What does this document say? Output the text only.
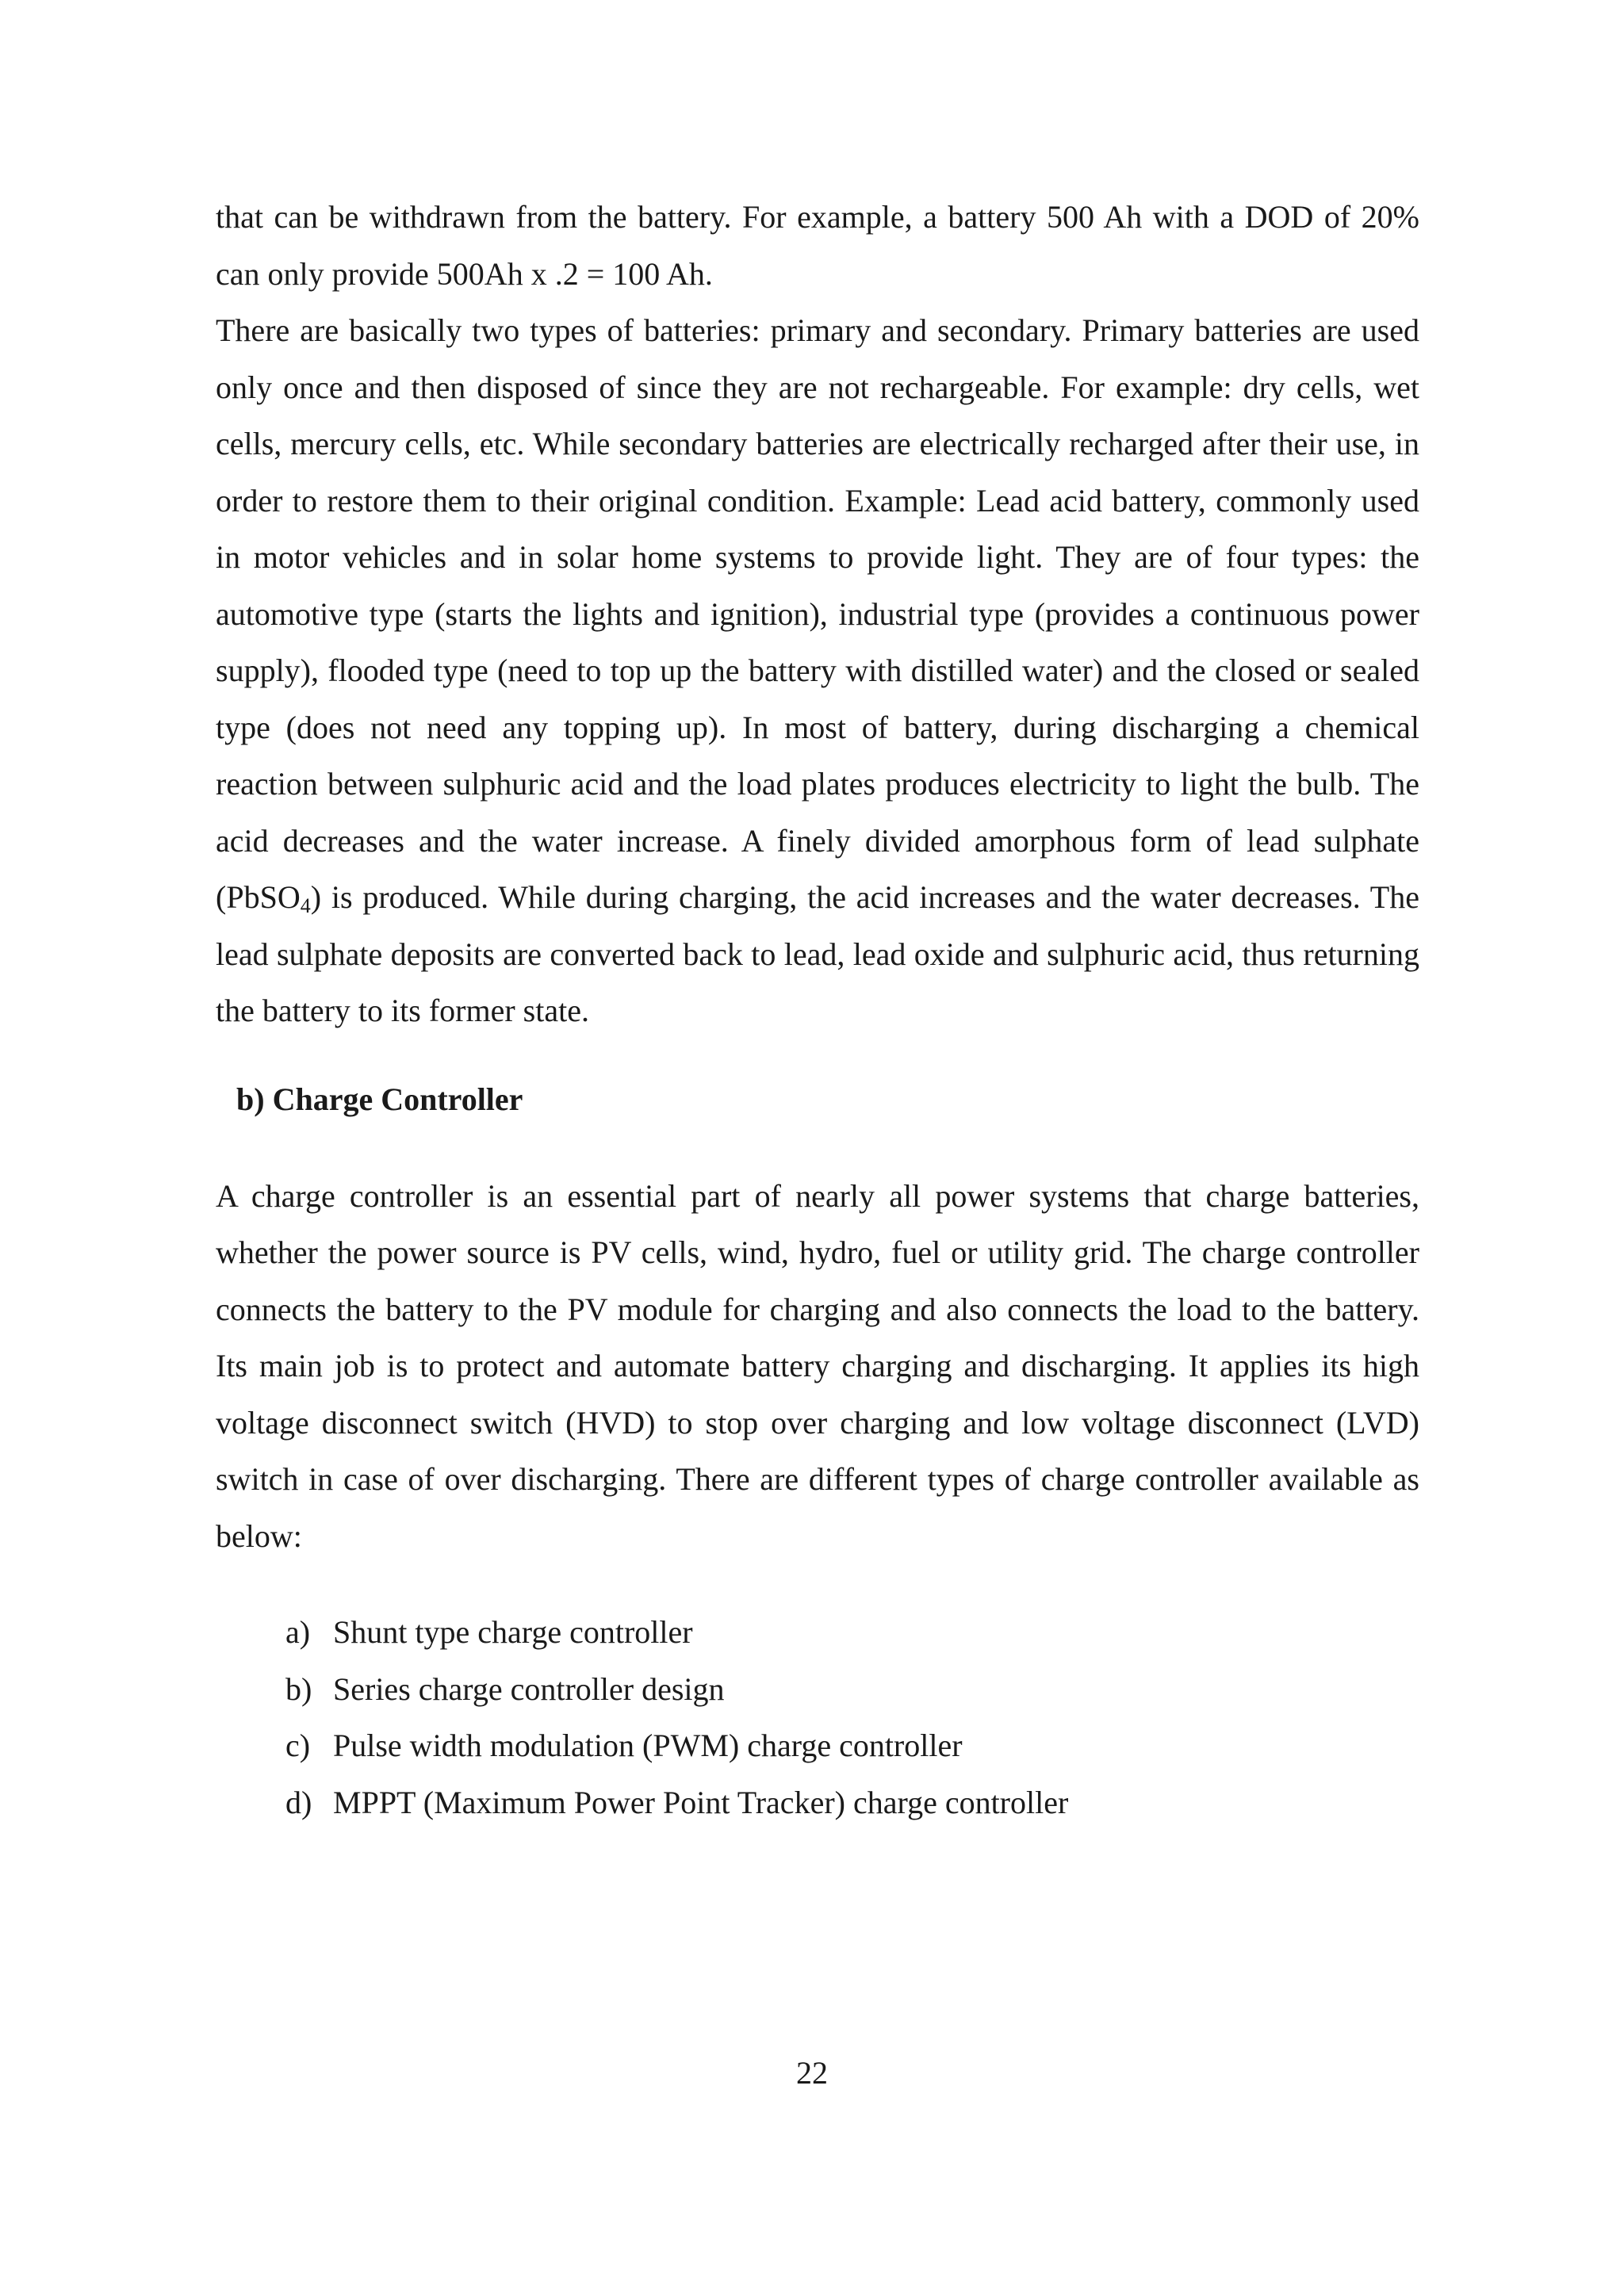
that can be withdrawn from the battery. For example, a battery 500 Ah with a DOD of 20% can only provide 500Ah x .2 = 100 Ah.

There are basically two types of batteries: primary and secondary. Primary batteries are used only once and then disposed of since they are not rechargeable. For example: dry cells, wet cells, mercury cells, etc. While secondary batteries are electrically recharged after their use, in order to restore them to their original condition. Example: Lead acid battery, commonly used in motor vehicles and in solar home systems to provide light. They are of four types: the automotive type (starts the lights and ignition), industrial type (provides a continuous power supply), flooded type (need to top up the battery with distilled water) and the closed or sealed type (does not need any topping up). In most of battery, during discharging a chemical reaction between sulphuric acid and the load plates produces electricity to light the bulb. The acid decreases and the water increase. A finely divided amorphous form of lead sulphate (PbSO$_4$) is produced. While during charging, the acid increases and the water decreases. The lead sulphate deposits are converted back to lead, lead oxide and sulphuric acid, thus returning the battery to its former state.

b) Charge Controller

A charge controller is an essential part of nearly all power systems that charge batteries, whether the power source is PV cells, wind, hydro, fuel or utility grid. The charge controller connects the battery to the PV module for charging and also connects the load to the battery. Its main job is to protect and automate battery charging and discharging. It applies its high voltage disconnect switch (HVD) to stop over charging and low voltage disconnect (LVD) switch in case of over discharging. There are different types of charge controller available as below:

a) Shunt type charge controller
b) Series charge controller design
c) Pulse width modulation (PWM) charge controller
d) MPPT (Maximum Power Point Tracker) charge controller
22
